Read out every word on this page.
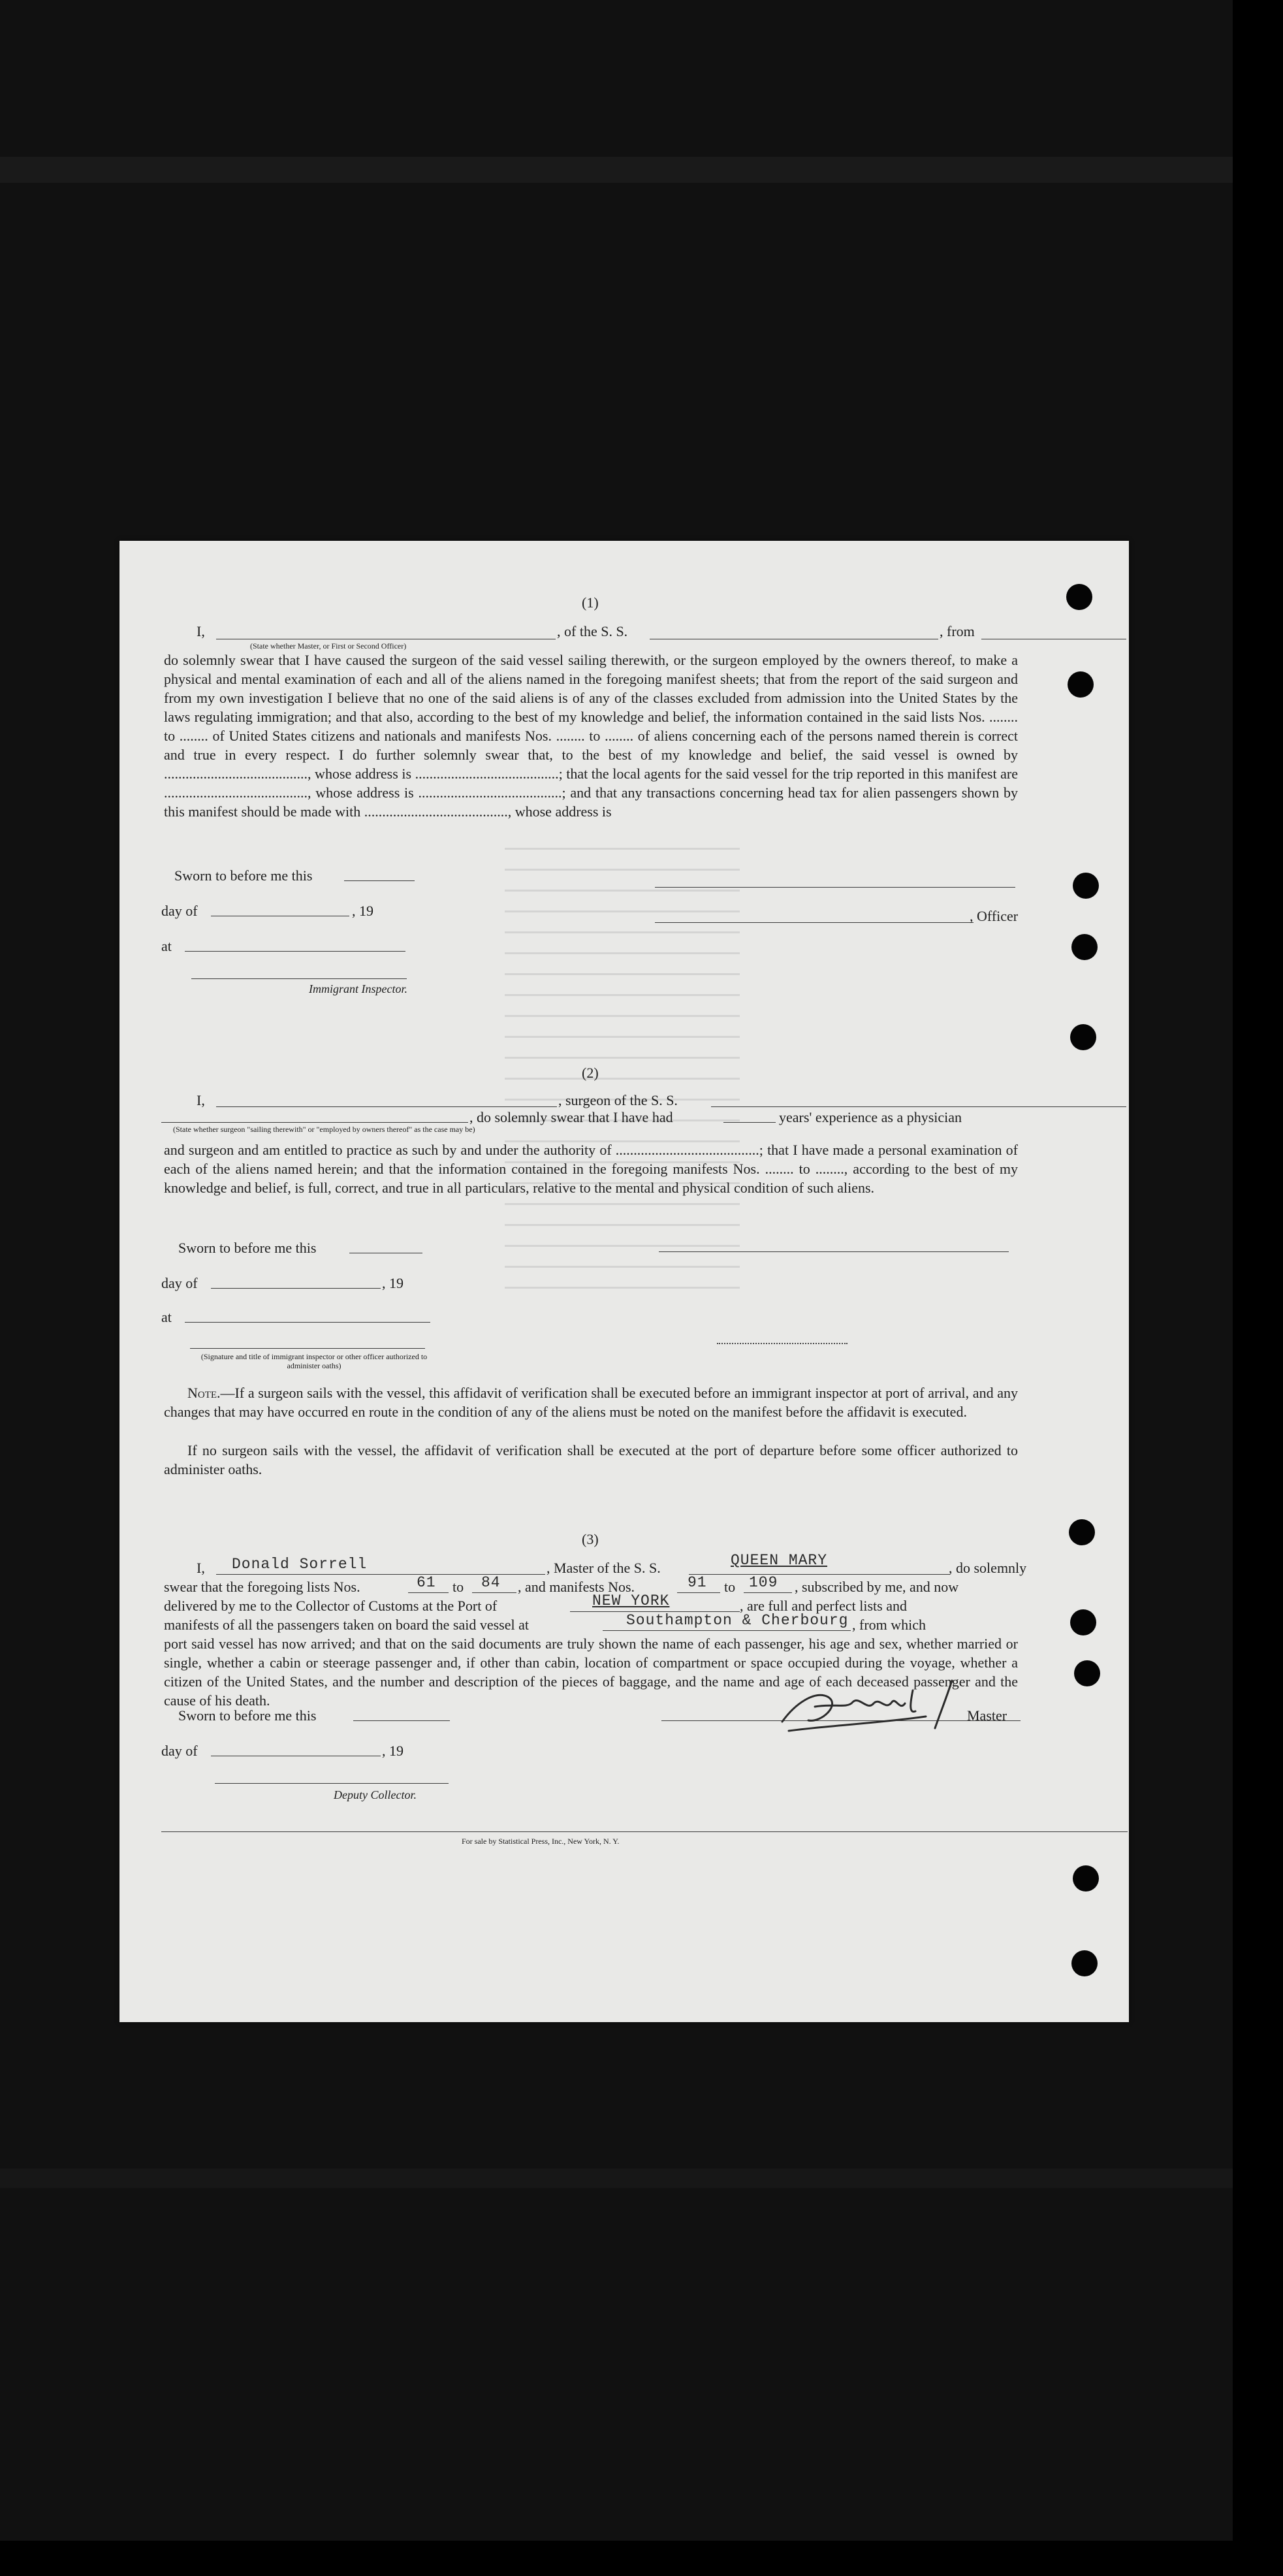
(1)
I,
(State whether Master, or First or Second Officer)
, of the S. S.	, from
do solemnly swear that I have caused the surgeon of the said vessel sailing therewith, or the surgeon employed by the owners thereof, to make a physical and mental examination of each and all of the aliens named in the foregoing manifest sheets; that from the report of the said surgeon and from my own investigation I believe that no one of the said aliens is of any of the classes excluded from admission into the United States by the laws regulating immigration; and that also, according to the best of my knowledge and belief, the information contained in the said lists Nos. ........ to ........ of United States citizens and nationals and manifests Nos. ........ to ........ of aliens concerning each of the persons named therein is correct and true in every respect. I do further solemnly swear that, to the best of my knowledge and belief, the said vessel is owned by ........................................, whose address is ........................................; that the local agents for the said vessel for the trip reported in this manifest are ........................................, whose address is ........................................; and that any transactions concerning head tax for alien passengers shown by this manifest should be made with ........................................, whose address is
Sworn to before me this
day of	, 19
at
Immigrant Inspector.
, Officer
(2)
I,	, surgeon of the S. S.
, do solemnly swear that I have had	years' experience as a physician
(State whether surgeon "sailing therewith" or "employed by owners thereof" as the case may be)
and surgeon and am entitled to practice as such by and under the authority of ........................................; that I have made a personal examination of each of the aliens named herein; and that the information contained in the foregoing manifests Nos. ........ to ........, according to the best of my knowledge and belief, is full, correct, and true in all particulars, relative to the mental and physical condition of such aliens.
Sworn to before me this
day of	, 19
at
(Signature and title of immigrant inspector or other officer authorized to administer oaths)
Note.—If a surgeon sails with the vessel, this affidavit of verification shall be executed before an immigrant inspector at port of arrival, and any changes that may have occurred en route in the condition of any of the aliens must be noted on the manifest before the affidavit is executed.
If no surgeon sails with the vessel, the affidavit of verification shall be executed at the port of departure before some officer authorized to administer oaths.
(3)
I, Donald Sorrell	, Master of the S. S.	QUEEN MARY	, do solemnly
swear that the foregoing lists Nos.	61 to 84 , and manifests Nos.	91 to 109 , subscribed by me, and now
delivered by me to the Collector of Customs at the Port of	NEW YORK	, are full and perfect lists and
manifests of all the passengers taken on board the said vessel at	Southampton & Cherbourg , from which
port said vessel has now arrived; and that on the said documents are truly shown the name of each passenger, his age and sex, whether married or single, whether a cabin or steerage passenger and, if other than cabin, location of compartment or space occupied during the voyage, whether a citizen of the United States, and the number and description of the pieces of baggage, and the name and age of each deceased passenger and the cause of his death.
Sworn to before me this
day of	, 19
Deputy Collector.
Master
For sale by Statistical Press, Inc., New York, N. Y.
